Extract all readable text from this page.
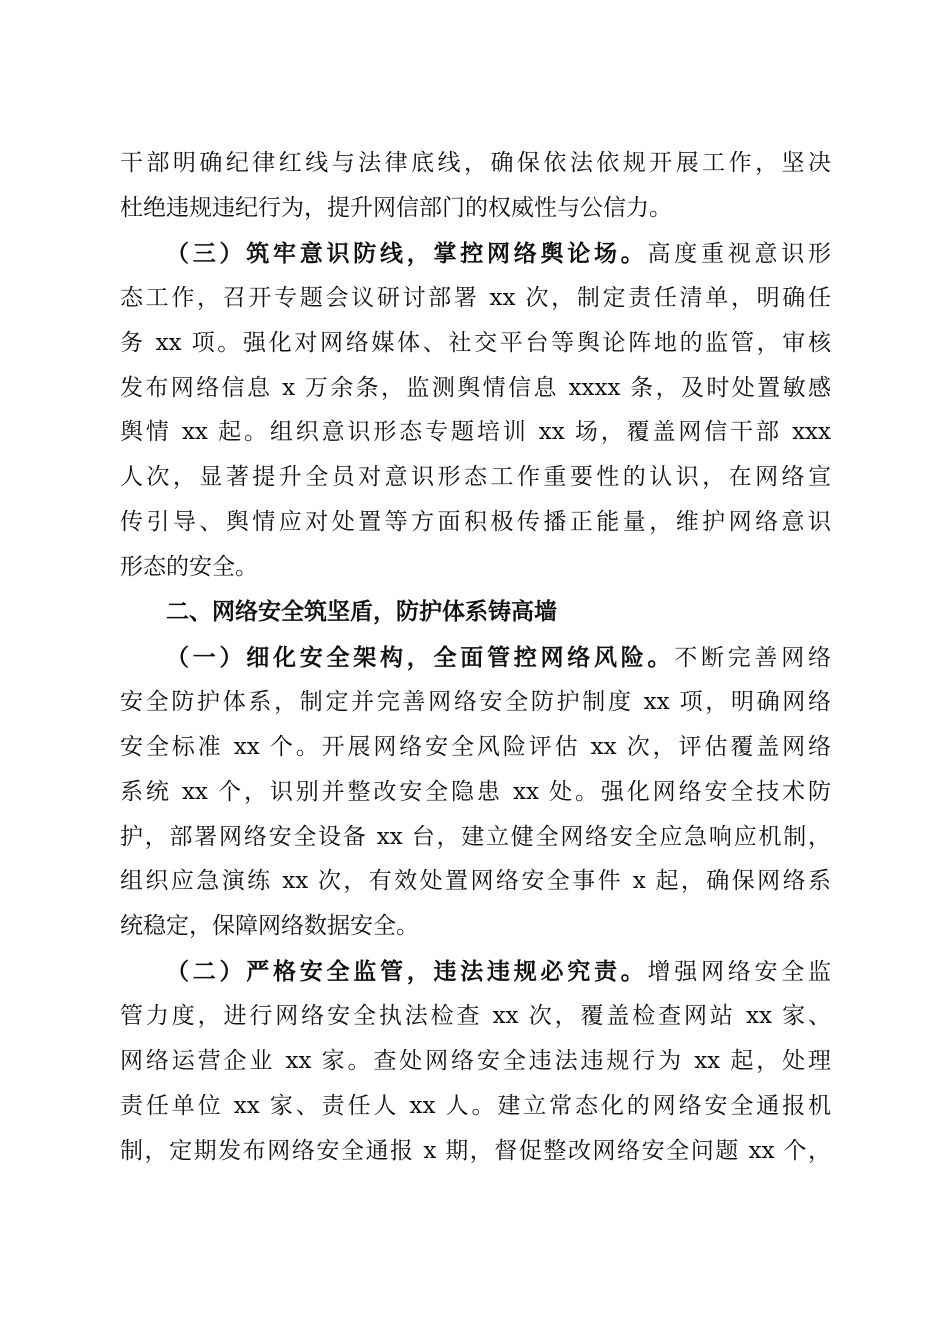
干部明确纪律红线与法律底线，确保依法依规开展工作，坚决
杜绝违规违纪行为，提升网信部门的权威性与公信力。
（三）筑牢意识防线，掌控网络舆论场。高度重视意识形
态工作，召开专题会议研讨部署 xx 次，制定责任清单，明确任
务 xx 项。强化对网络媒体、社交平台等舆论阵地的监管，审核
发布网络信息 x 万余条，监测舆情信息 xxxx 条，及时处置敏感
舆情 xx 起。组织意识形态专题培训 xx 场，覆盖网信干部 xxx
人次，显著提升全员对意识形态工作重要性的认识，在网络宣
传引导、舆情应对处置等方面积极传播正能量，维护网络意识
形态的安全。
二、网络安全筑坚盾，防护体系铸高墙
（一）细化安全架构，全面管控网络风险。不断完善网络
安全防护体系，制定并完善网络安全防护制度 xx 项，明确网络
安全标准 xx 个。开展网络安全风险评估 xx 次，评估覆盖网络
系统 xx 个，识别并整改安全隐患 xx 处。强化网络安全技术防
护，部署网络安全设备 xx 台，建立健全网络安全应急响应机制，
组织应急演练 xx 次，有效处置网络安全事件 x 起，确保网络系
统稳定，保障网络数据安全。
（二）严格安全监管，违法违规必究责。增强网络安全监
管力度，进行网络安全执法检查 xx 次，覆盖检查网站 xx 家、
网络运营企业 xx 家。查处网络安全违法违规行为 xx 起，处理
责任单位 xx 家、责任人 xx 人。建立常态化的网络安全通报机
制，定期发布网络安全通报 x 期，督促整改网络安全问题 xx 个，
